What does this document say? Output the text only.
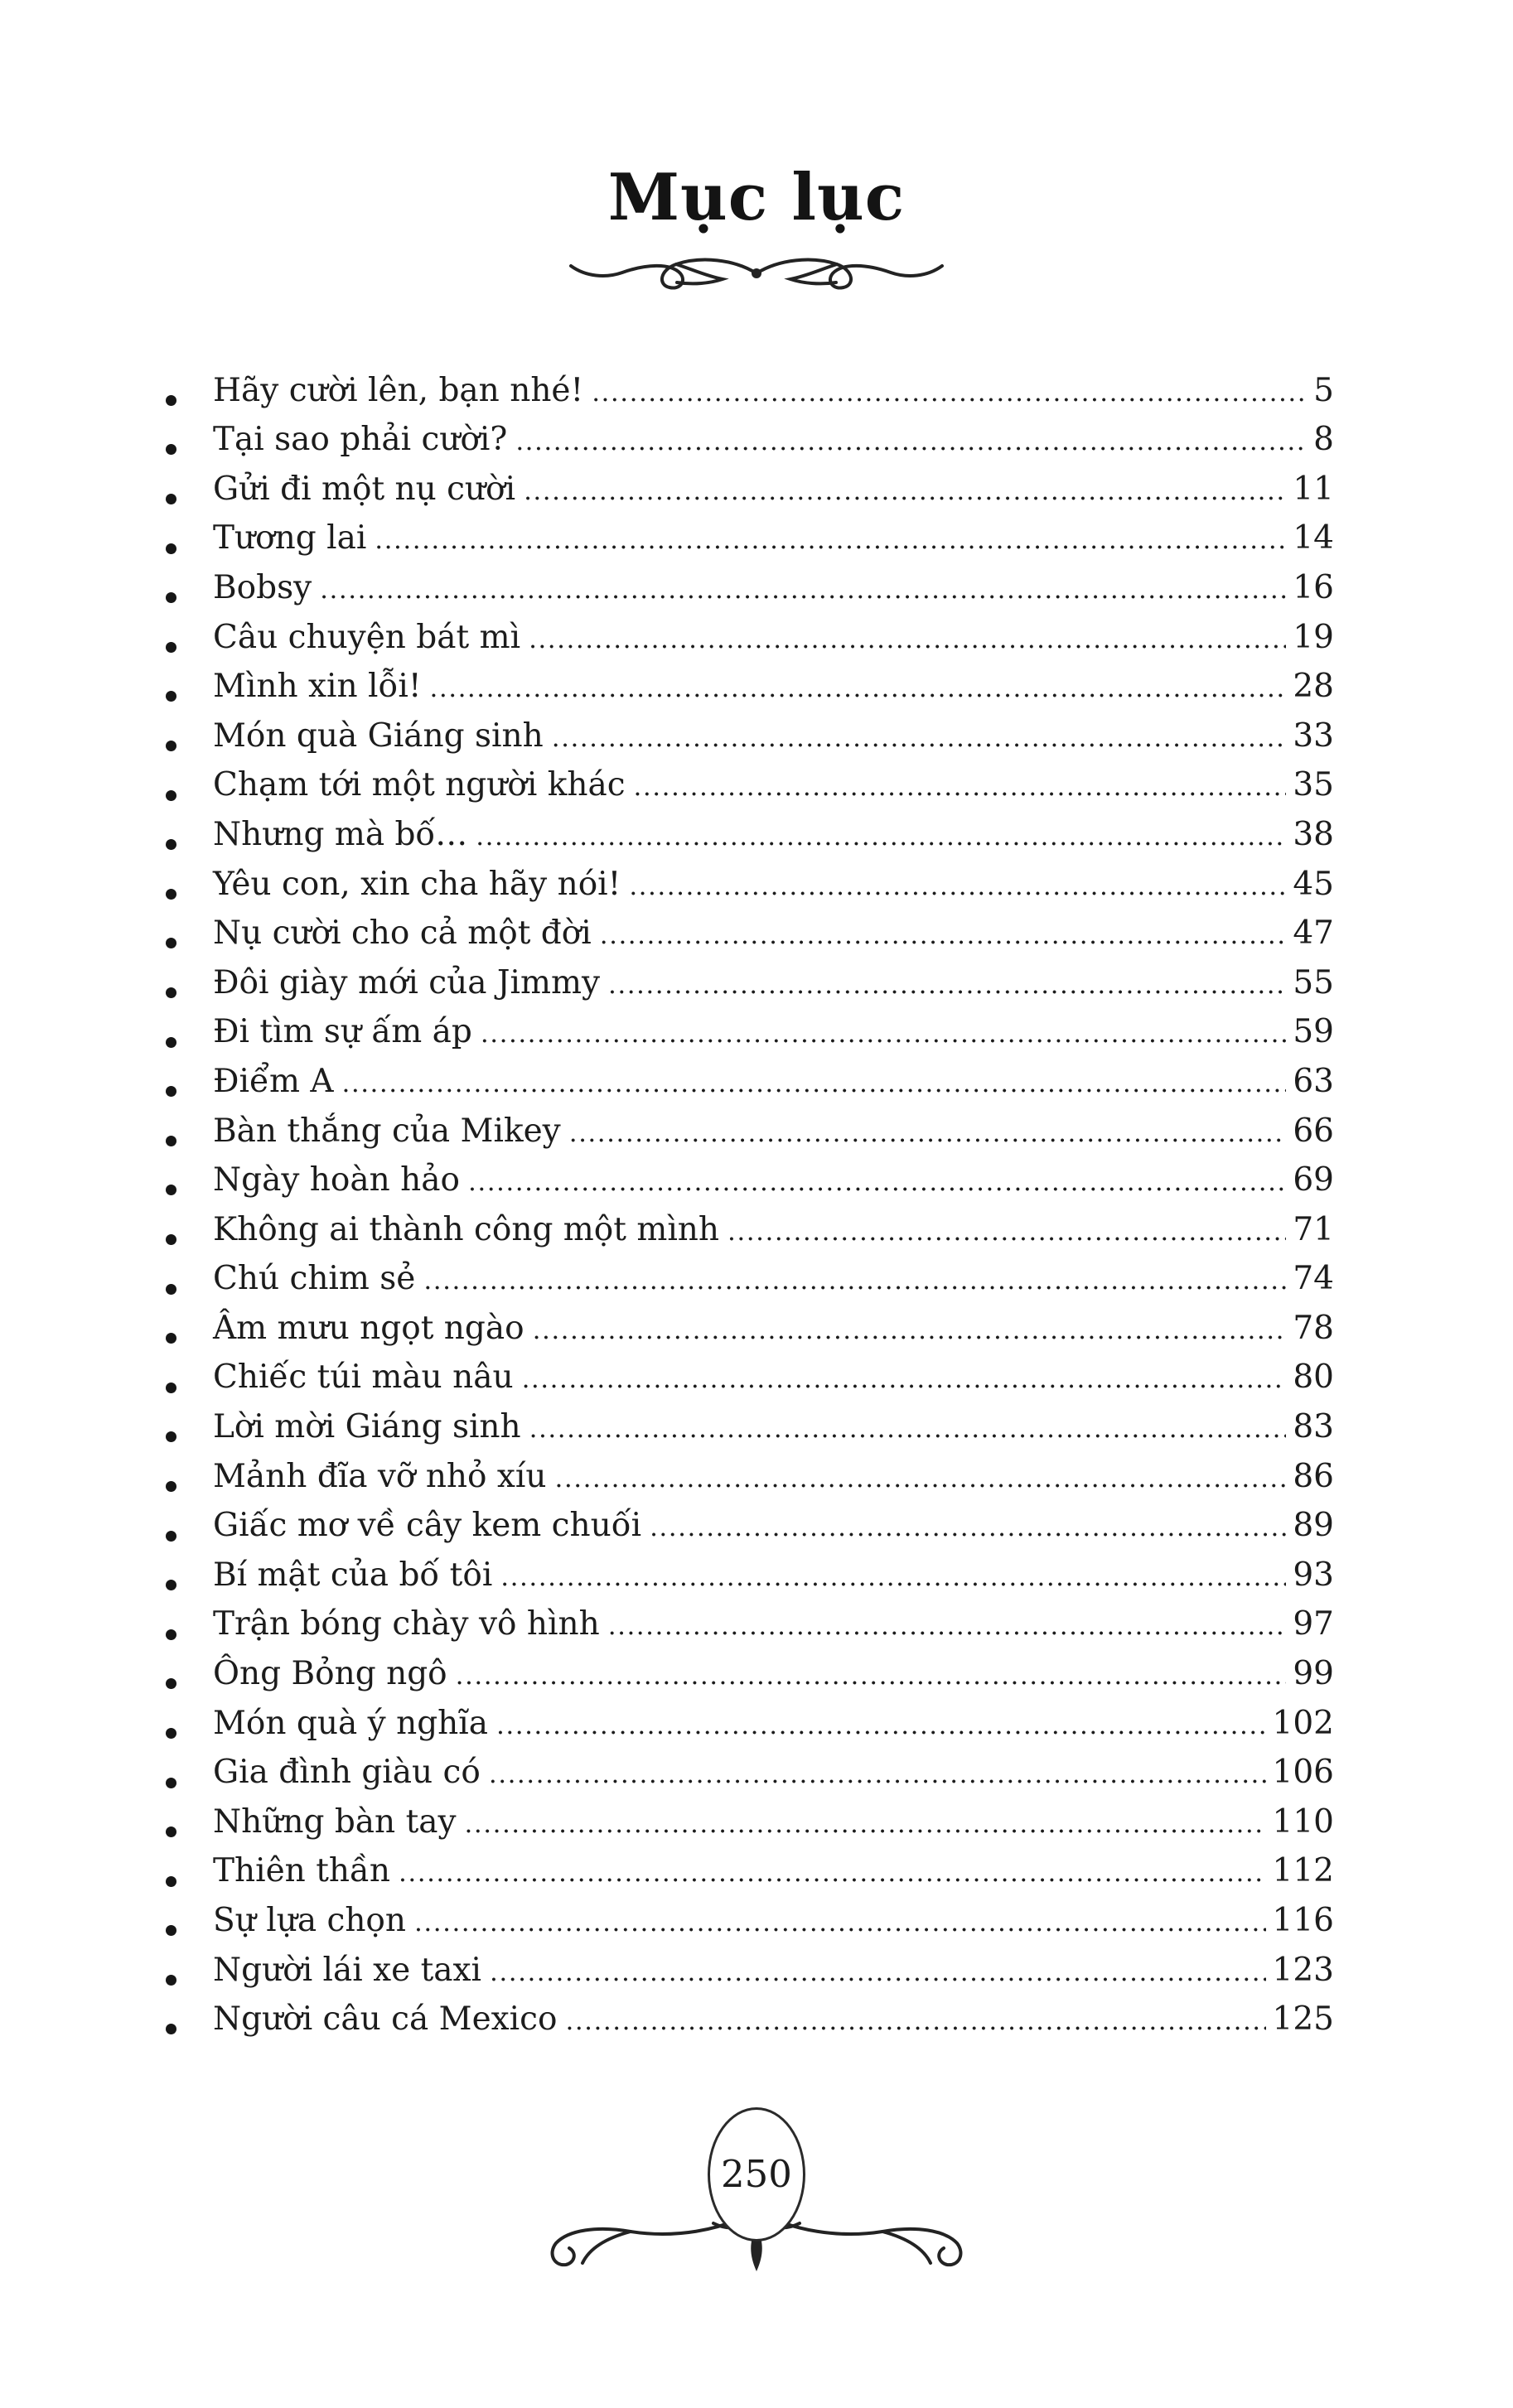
Mục lục
Hãy cười lên, bạn nhé! .....	5
Tại sao phải cười? .....	8
Gửi đi một nụ cười .....	11
Tương lai .....	14
Bobsy .....	16
Câu chuyện bát mì .....	19
Mình xin lỗi! .....	28
Món quà Giáng sinh .....	33
Chạm tới một người khác .....	35
Nhưng mà bố… .....	38
Yêu con, xin cha hãy nói! .....	45
Nụ cười cho cả một đời .....	47
Đôi giày mới của Jimmy .....	55
Đi tìm sự ấm áp .....	59
Điểm A .....	63
Bàn thắng của Mikey .....	66
Ngày hoàn hảo .....	69
Không ai thành công một mình .....	71
Chú chim sẻ .....	74
Âm mưu ngọt ngào .....	78
Chiếc túi màu nâu .....	80
Lời mời Giáng sinh .....	83
Mảnh đĩa vỡ nhỏ xíu .....	86
Giấc mơ về cây kem chuối .....	89
Bí mật của bố tôi .....	93
Trận bóng chày vô hình .....	97
Ông Bỏng ngô .....	99
Món quà ý nghĩa .....	102
Gia đình giàu có .....	106
Những bàn tay .....	110
Thiên thần .....	112
Sự lựa chọn .....	116
Người lái xe taxi .....	123
Người câu cá Mexico .....	125
250
